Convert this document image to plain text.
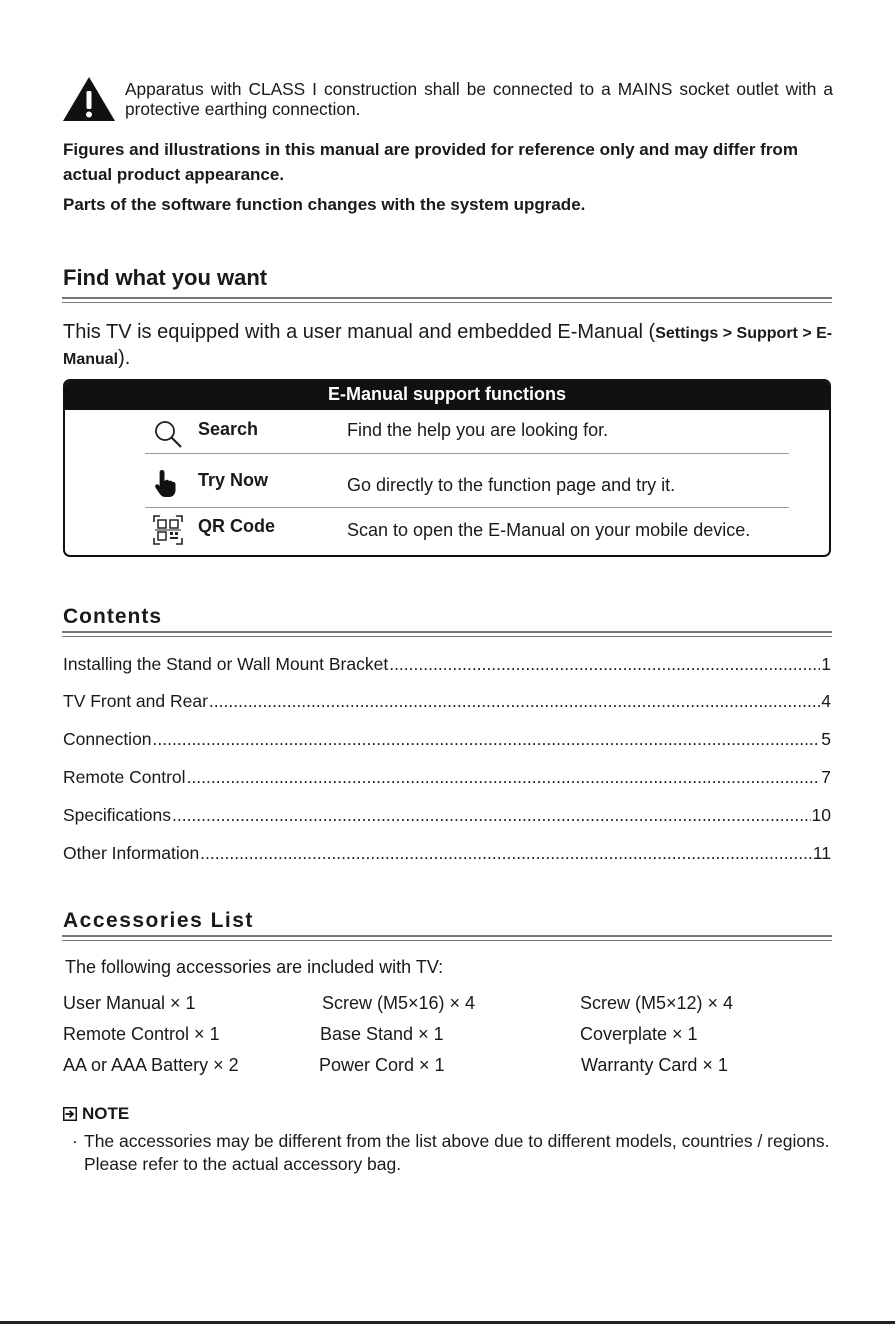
Apparatus with CLASS I construction shall be connected to a MAINS socket outlet with a protective earthing connection.
Figures and illustrations in this manual are provided for reference only and may differ from actual product appearance.
Parts of the software function changes with the system upgrade.
Find what you want
This TV is equipped with a user manual and embedded E-Manual (Settings > Support > E-Manual).
E-Manual support functions
Search	Find the help you are looking for.
Try Now	Go directly to the function page and try it.
QR Code	Scan to open the E-Manual on your mobile device.
Contents
Installing the Stand or Wall Mount Bracket .....	1
TV Front and Rear .....	4
Connection .....	5
Remote Control .....	7
Specifications .....	10
Other Information .....	11
Accessories List
The following accessories are included with TV:
User Manual × 1	Screw (M5×16) × 4	Screw (M5×12) × 4
Remote Control × 1	Base Stand × 1	Coverplate × 1
AA or AAA Battery × 2	Power Cord × 1	Warranty Card × 1
NOTE
· The accessories may be different from the list above due to different models, countries / regions. Please refer to the actual accessory bag.
